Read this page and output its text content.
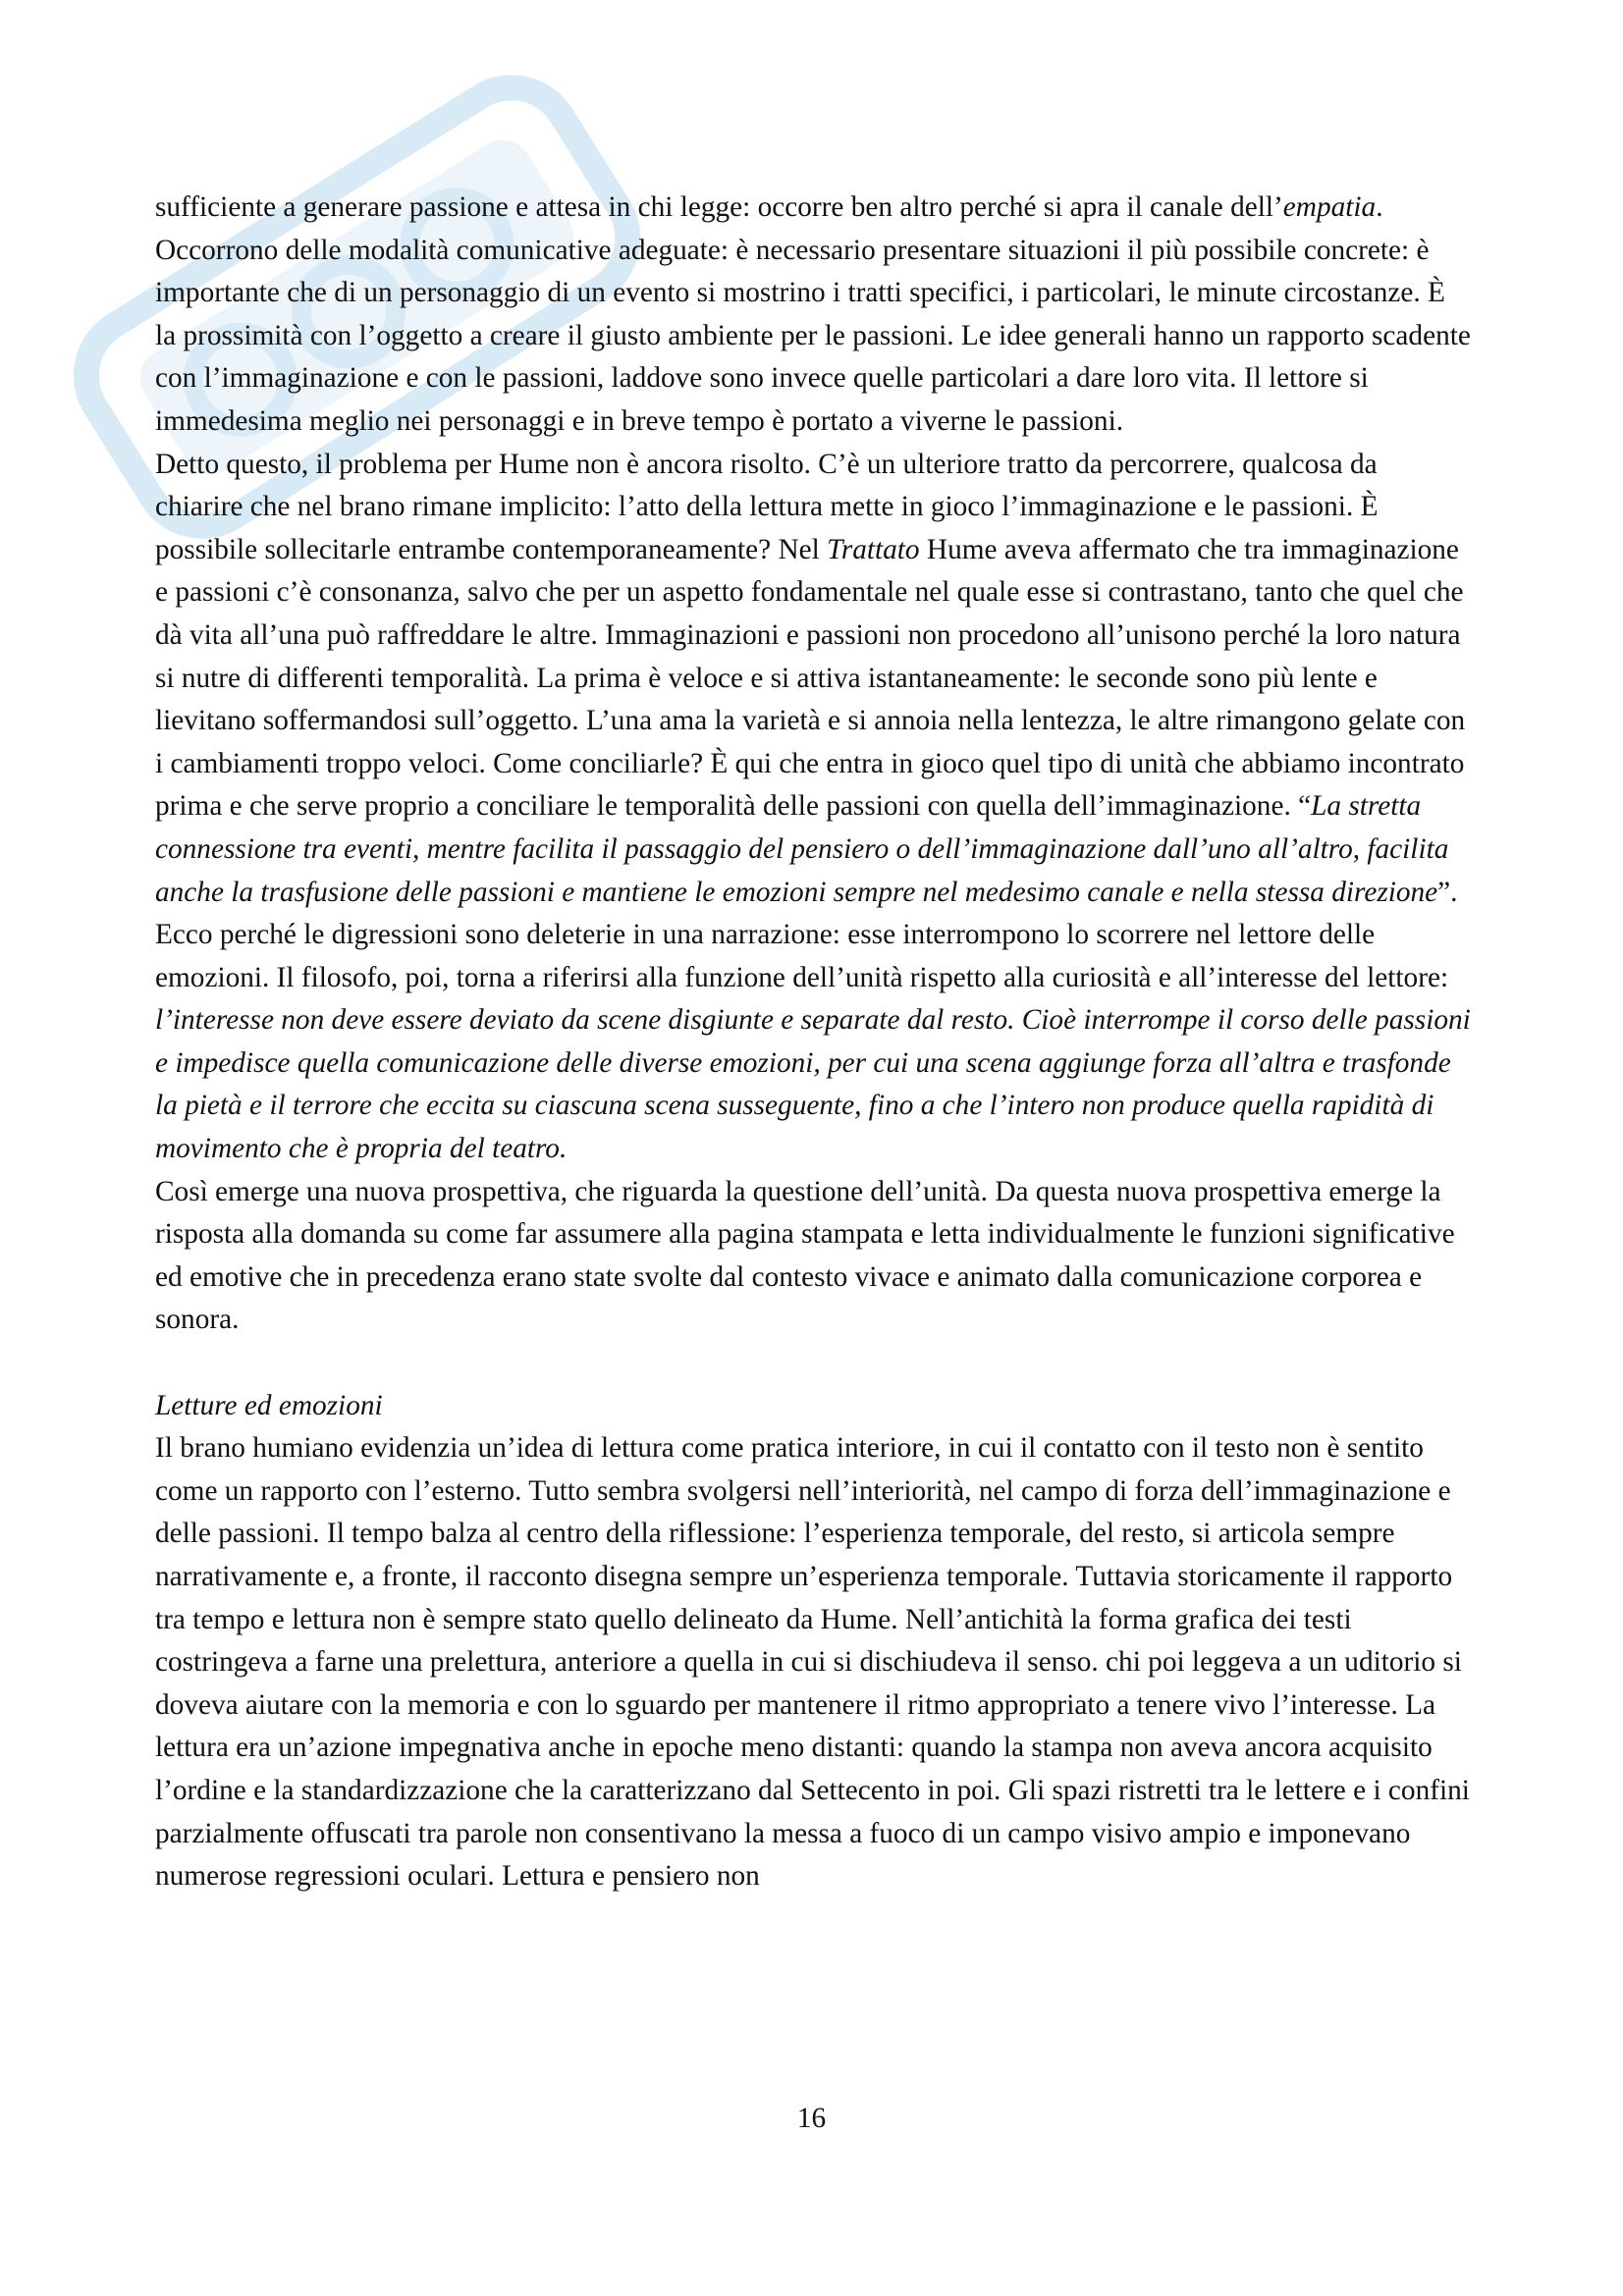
sufficiente a generare passione e attesa in chi legge: occorre ben altro perché si apra il canale dell’empatia. Occorrono delle modalità comunicative adeguate: è necessario presentare situazioni il più possibile concrete: è importante che di un personaggio di un evento si mostrino i tratti specifici, i particolari, le minute circostanze. È la prossimità con l’oggetto a creare il giusto ambiente per le passioni. Le idee generali hanno un rapporto scadente con l’immaginazione e con le passioni, laddove sono invece quelle particolari a dare loro vita. Il lettore si immedesima meglio nei personaggi e in breve tempo è portato a viverne le passioni.

Detto questo, il problema per Hume non è ancora risolto. C’è un ulteriore tratto da percorrere, qualcosa da chiarire che nel brano rimane implicito: l’atto della lettura mette in gioco l’immaginazione e le passioni. È possibile sollecitarle entrambe contemporaneamente? Nel Trattato Hume aveva affermato che tra immaginazione e passioni c’è consonanza, salvo che per un aspetto fondamentale nel quale esse si contrastano, tanto che quel che dà vita all’una può raffreddare le altre. Immaginazioni e passioni non procedono all’unisono perché la loro natura si nutre di differenti temporalità. La prima è veloce e si attiva istantaneamente: le seconde sono più lente e lievitano soffermandosi sull’oggetto. L’una ama la varietà e si annoia nella lentezza, le altre rimangono gelate con i cambiamenti troppo veloci. Come conciliarle? È qui che entra in gioco quel tipo di unità che abbiamo incontrato prima e che serve proprio a conciliare le temporalità delle passioni con quella dell’immaginazione. “La stretta connessione tra eventi, mentre facilita il passaggio del pensiero o dell’immaginazione dall’uno all’altro, facilita anche la trasfusione delle passioni e mantiene le emozioni sempre nel medesimo canale e nella stessa direzione”. Ecco perché le digressioni sono deleterie in una narrazione: esse interrompono lo scorrere nel lettore delle emozioni. Il filosofo, poi, torna a riferirsi alla funzione dell’unità rispetto alla curiosità e all’interesse del lettore: l’interesse non deve essere deviato da scene disgiunte e separate dal resto. Cioè interrompe il corso delle passioni e impedisce quella comunicazione delle diverse emozioni, per cui una scena aggiunge forza all’altra e trasfonde la pietà e il terrore che eccita su ciascuna scena susseguente, fino a che l’intero non produce quella rapidità di movimento che è propria del teatro.

Così emerge una nuova prospettiva, che riguarda la questione dell’unità. Da questa nuova prospettiva emerge la risposta alla domanda su come far assumere alla pagina stampata e letta individualmente le funzioni significative ed emotive che in precedenza erano state svolte dal contesto vivace e animato dalla comunicazione corporea e sonora.

Letture ed emozioni

Il brano humiano evidenzia un’idea di lettura come pratica interiore, in cui il contatto con il testo non è sentito come un rapporto con l’esterno. Tutto sembra svolgersi nell’interiorità, nel campo di forza dell’immaginazione e delle passioni. Il tempo balza al centro della riflessione: l’esperienza temporale, del resto, si articola sempre narrativamente e, a fronte, il racconto disegna sempre un’esperienza temporale. Tuttavia storicamente il rapporto tra tempo e lettura non è sempre stato quello delineato da Hume. Nell’antichità la forma grafica dei testi costringeva a farne una prelettura, anteriore a quella in cui si dischiudeva il senso. chi poi leggeva a un uditorio si doveva aiutare con la memoria e con lo sguardo per mantenere il ritmo appropriato a tenere vivo l’interesse. La lettura era un’azione impegnativa anche in epoche meno distanti: quando la stampa non aveva ancora acquisito l’ordine e la standardizzazione che la caratterizzano dal Settecento in poi. Gli spazi ristretti tra le lettere e i confini parzialmente offuscati tra parole non consentivano la messa a fuoco di un campo visivo ampio e imponevano numerose regressioni oculari. Lettura e pensiero non

16
